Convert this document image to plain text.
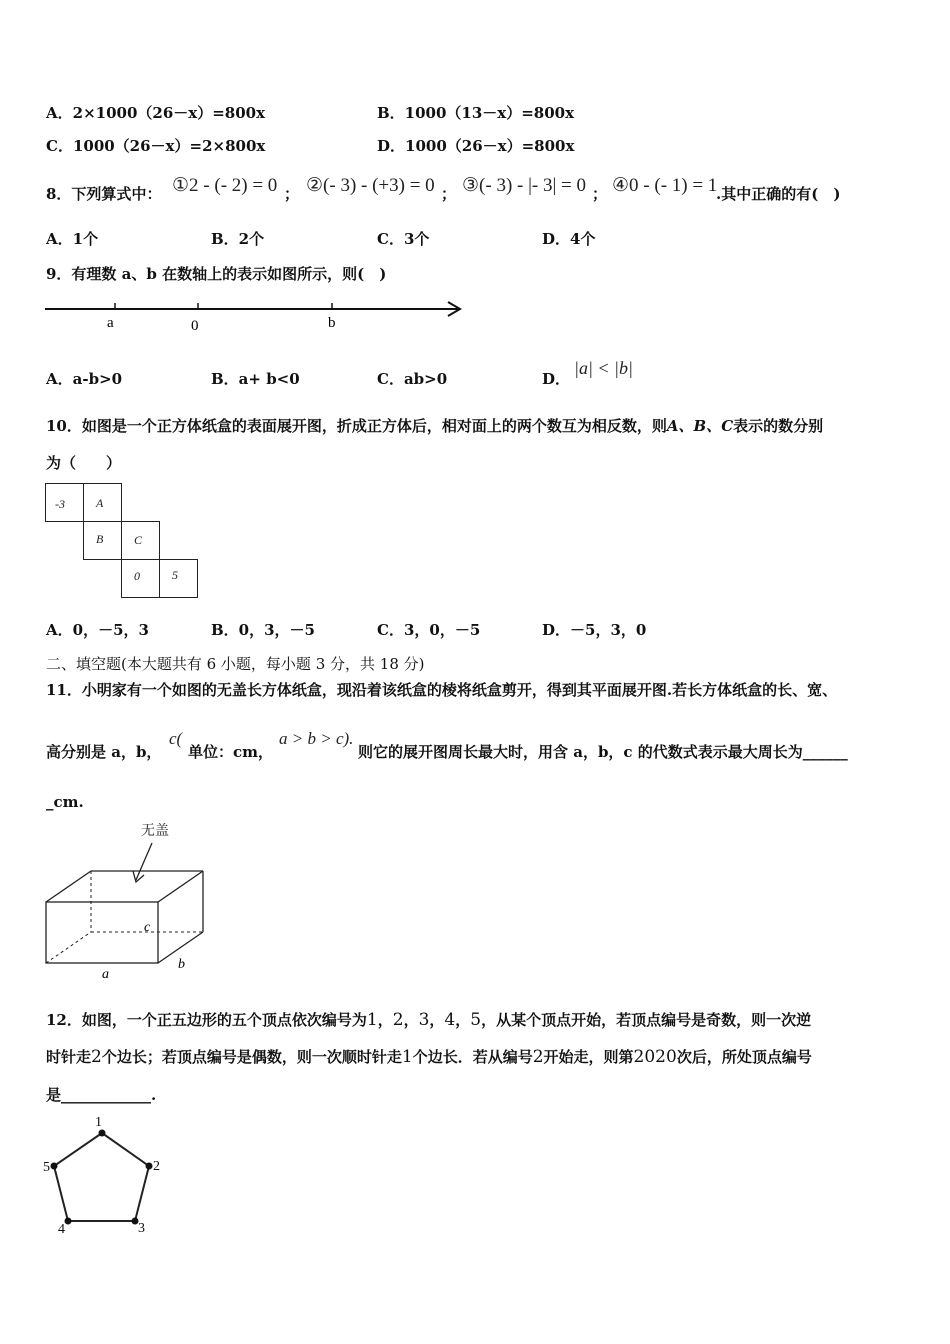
A．2×1000（26－x）=800x	B．1000（13－x）=800x
C．1000（26－x）=2×800x	D．1000（26－x）=800x
8．下列算式中： ①2 - (- 2) = 0 ； ②(- 3) - (+3) = 0 ； ③(- 3) - |- 3| = 0 ； ④0 - (- 1) = 1
.其中正确的有(　)
A．1个	B．2个	C．3个	D．4个
9．有理数 a、b 在数轴上的表示如图所示，则(　)
a	0	b
A．a-b>0	B．a+ b<0	C．ab>0	D．
|a| < |b|
10．如图是一个正方体纸盒的表面展开图，折成正方体后，相对面上的两个数互为相反数，则A、B、C表示的数分别
为（　　）
-3	A
B	C
0	5
A．0，－5，3	B．0，3，－5	C．3，0，－5	D．－5，3，0
二、填空题(本大题共有 6 小题，每小题 3 分，共 18 分)
11．小明家有一个如图的无盖长方体纸盒，现沿着该纸盒的棱将纸盒剪开，得到其平面展开图.若长方体纸盒的长、宽、
高分别是 a，b，
c(
单位：cm，
a > b > c).
则它的展开图周长最大时，用含 a，b，c 的代数式表示最大周长为______
_cm.
无盖
a
b
c
12．如图，一个正五边形的五个顶点依次编号为1，2，3，4，5，从某个顶点开始，若顶点编号是奇数，则一次逆
时针走2个边长；若顶点编号是偶数，则一次顺时针走1个边长．若从编号2开始走，则第2020次后，所处顶点编号
是____________.
1
2
3
4
5
